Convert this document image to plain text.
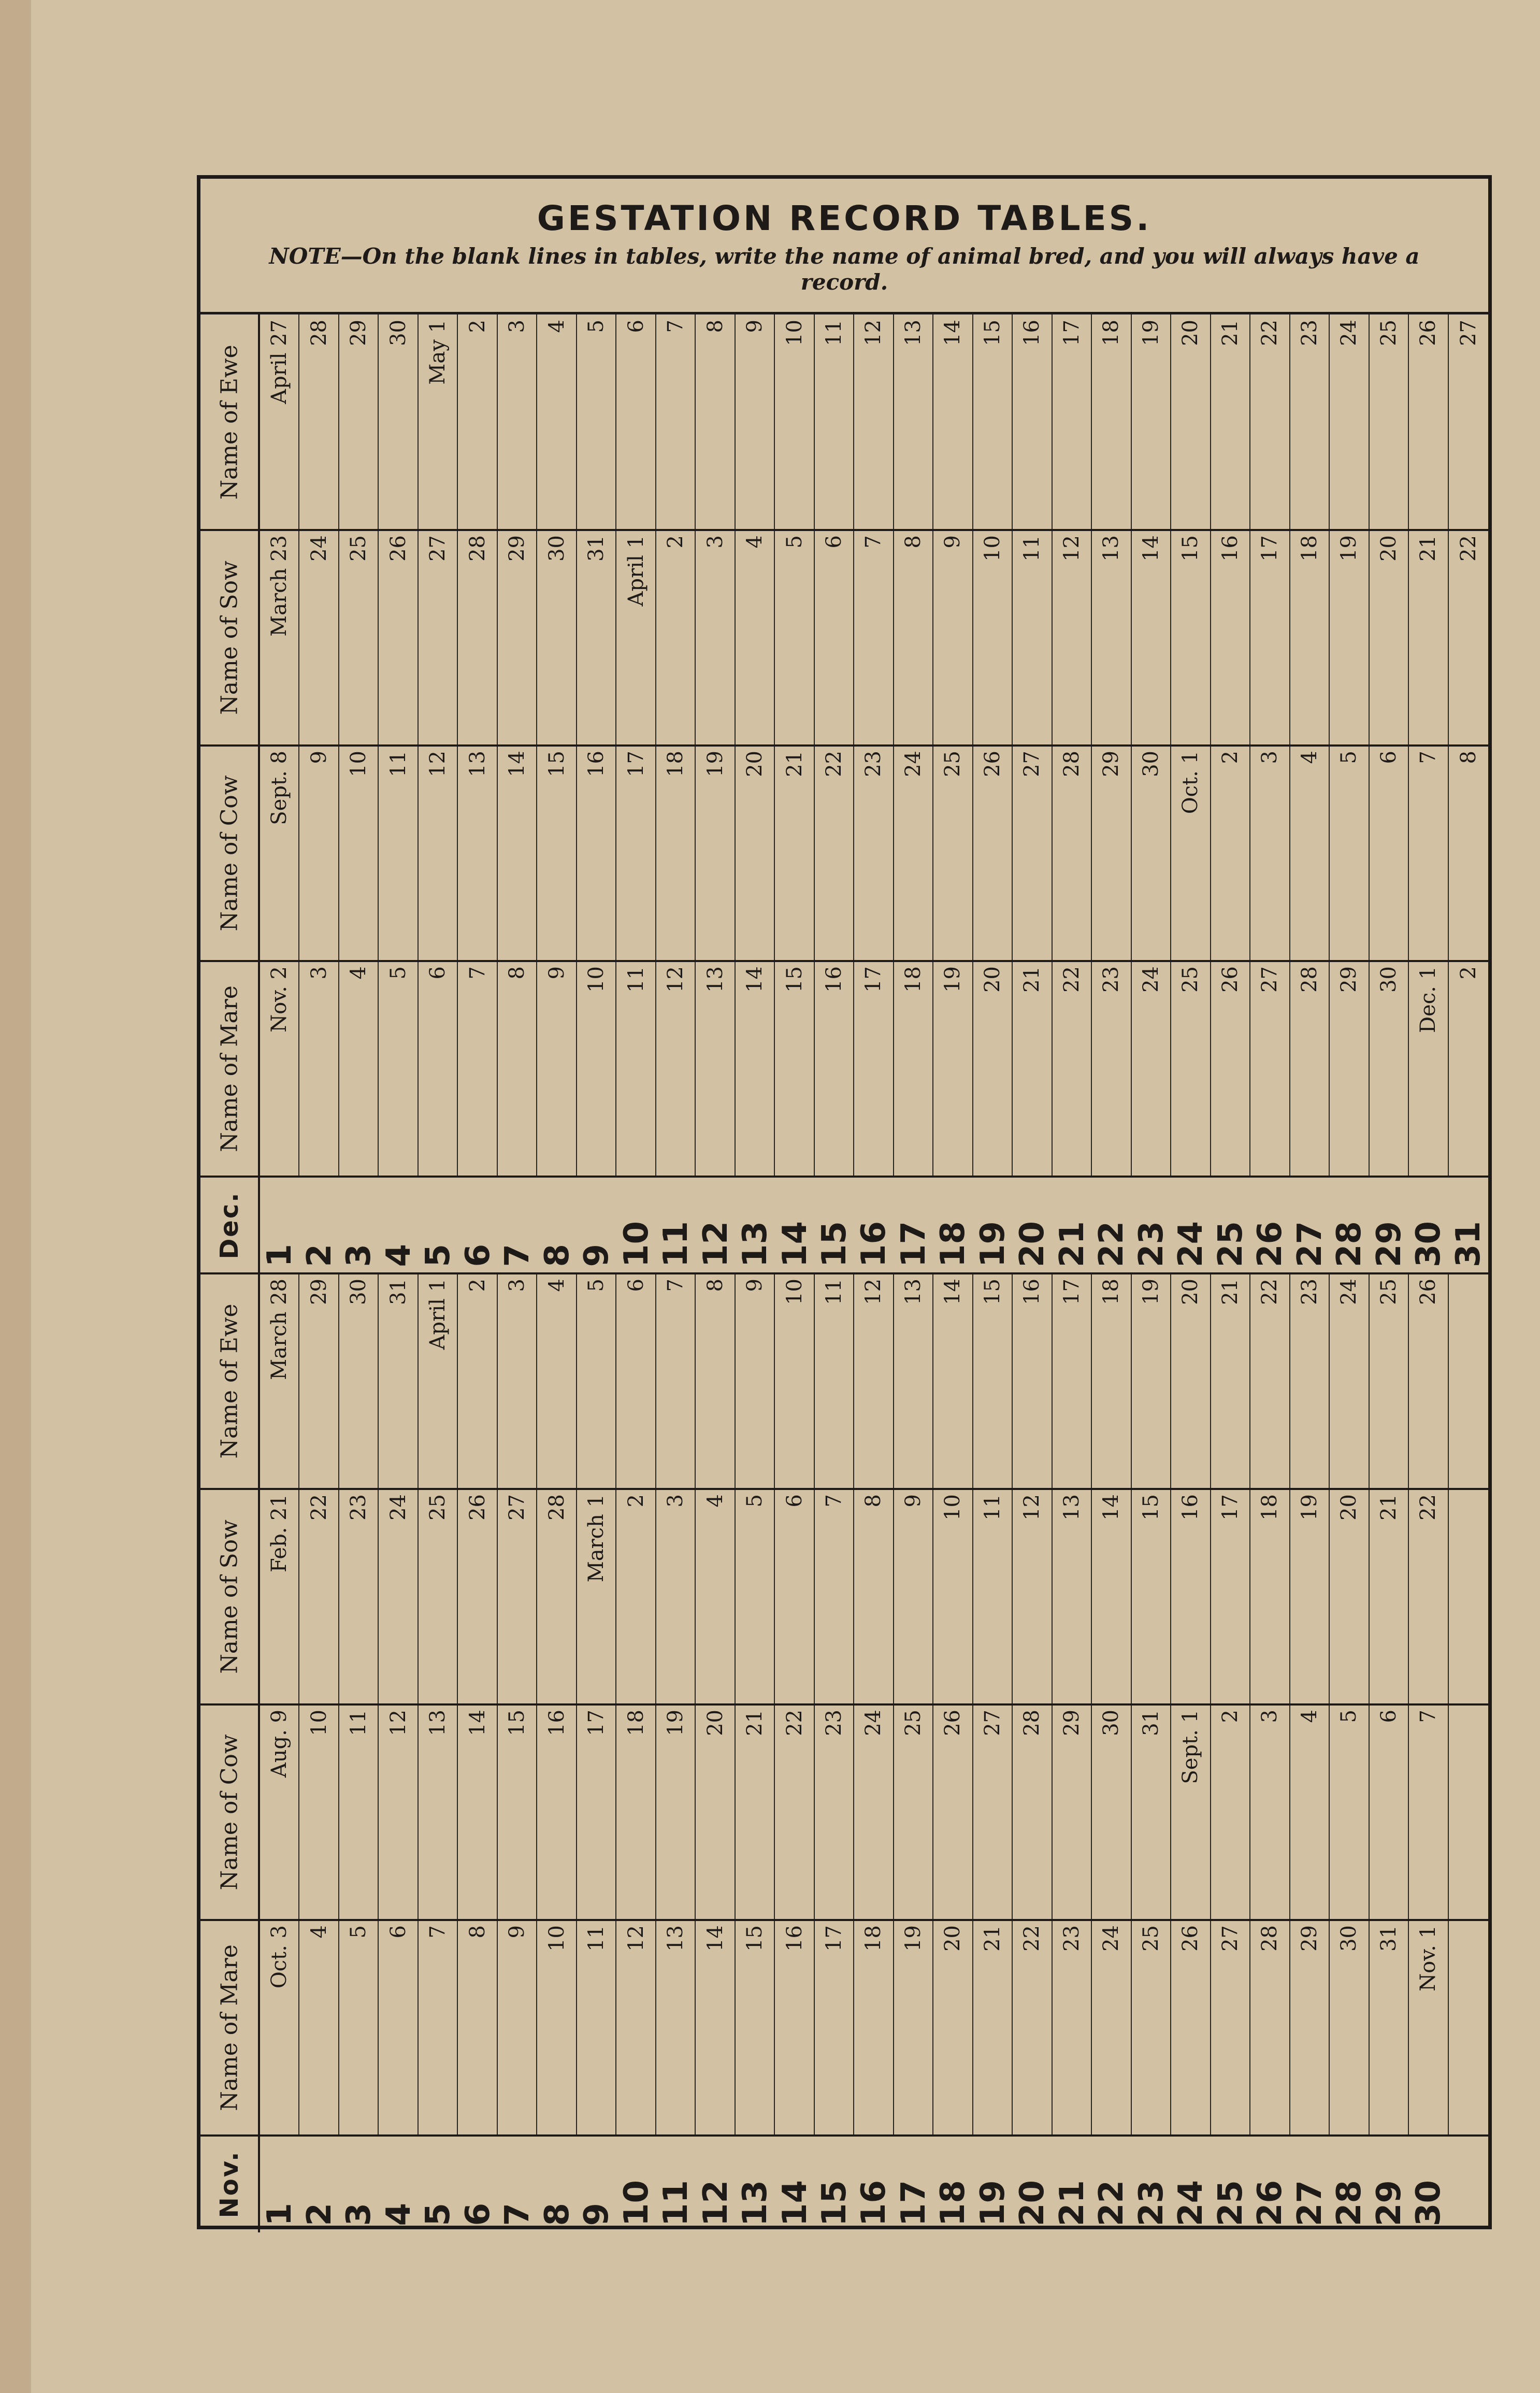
GESTATION RECORD TABLES.
NOTE—On the blank lines in tables, write the name of animal bred, and you will always have a record.
Name of Ewe April 27 28 29 30 May 1 2 3 4 5 6 7 8 9 10 11 12 13 14 15 16 17 18 19 20 21 22 23 24 25 26 27
Name of Sow March 23 24 25 26 27 28 29 30 31 April 1 2 3 4 5 6 7 8 9 10 11 12 13 14 15 16 17 18 19 20 21 22
Name of Cow Sept. 8 9 10 11 12 13 14 15 16 17 18 19 20 21 22 23 24 25 26 27 28 29 30 Oct. 1 2 3 4 5 6 7 8
Name of Mare Nov. 2 3 4 5 6 7 8 9 10 11 12 13 14 15 16 17 18 19 20 21 22 23 24 25 26 27 28 29 30 Dec. 1 2
Dec. 1 2 3 4 5 6 7 8 9 10 11 12 13 14 15 16 17 18 19 20 21 22 23 24 25 26 27 28 29 30 31
Name of Ewe March 28 29 30 31 April 1 2 3 4 5 6 7 8 9 10 11 12 13 14 15 16 17 18 19 20 21 22 23 24 25 26
Name of Sow Feb. 21 22 23 24 25 26 27 28 March 1 2 3 4 5 6 7 8 9 10 11 12 13 14 15 16 17 18 19 20 21 22
Name of Cow Aug. 9 10 11 12 13 14 15 16 17 18 19 20 21 22 23 24 25 26 27 28 29 30 31 Sept. 1 2 3 4 5 6 7
Name of Mare Oct. 3 4 5 6 7 8 9 10 11 12 13 14 15 16 17 18 19 20 21 22 23 24 25 26 27 28 29 30 31 Nov. 1
Nov. 1 2 3 4 5 6 7 8 9 10 11 12 13 14 15 16 17 18 19 20 21 22 23 24 25 26 27 28 29 30
